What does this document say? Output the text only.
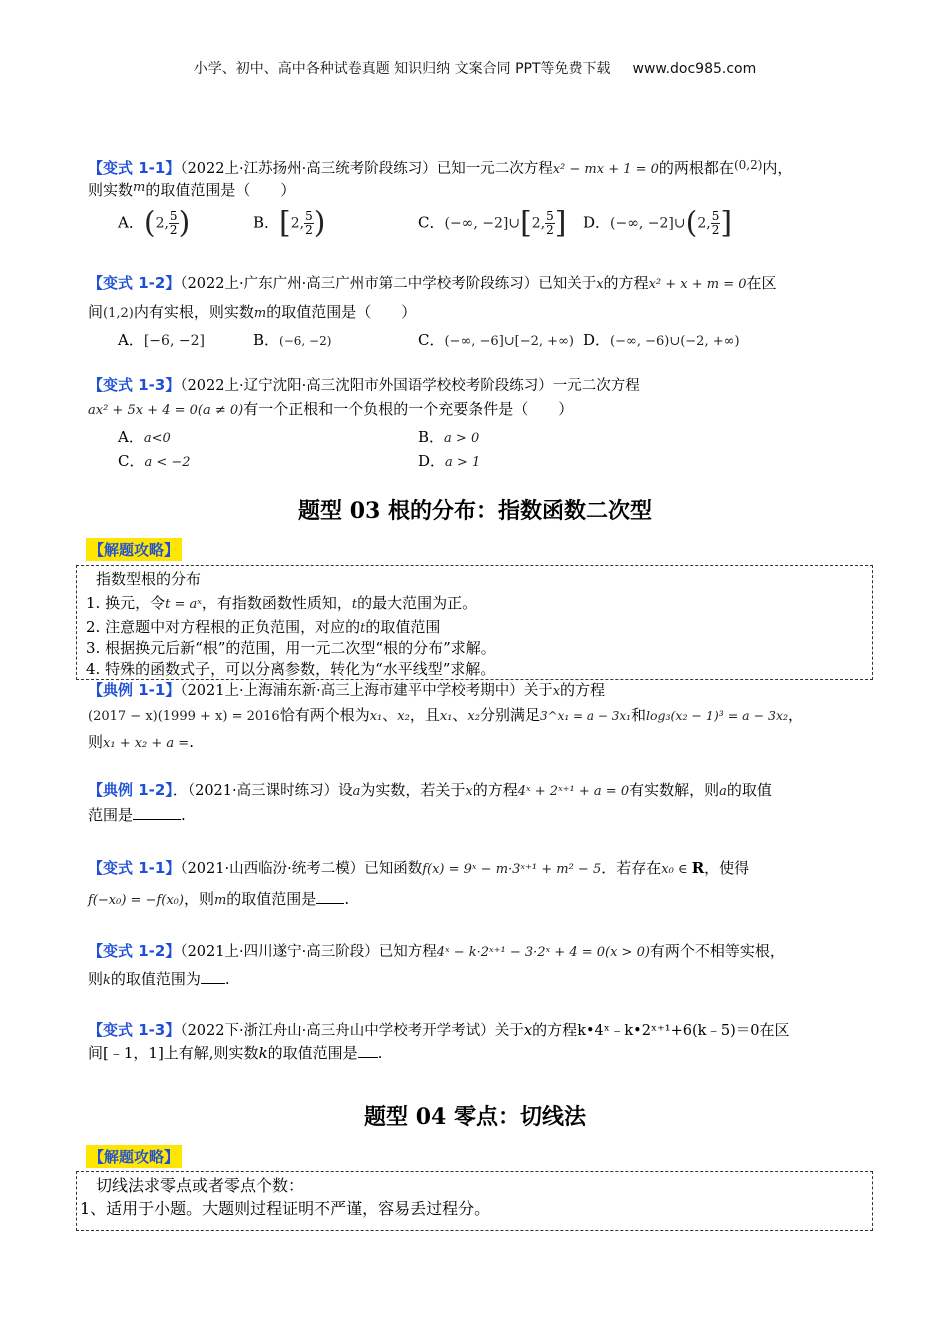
小学、初中、高中各种试卷真题 知识归纳 文案合同 PPT等免费下载 www.doc985.com
【变式 1-1】（2022上·江苏扬州·高三统考阶段练习）已知一元二次方程x² − mx + 1 = 0的两根都在$^{(0,2)}$内，
则实数m的取值范围是（　　）
A．(2, $\frac{5}{2}$ )	B．[2, $\frac{5}{2}$ )	C．(−∞, −2]∪[2, $\frac{5}{2}$ ] D．(−∞, −2]∪(2, $\frac{5}{2}$ ]
【变式 1-2】（2022上·广东广州·高三广州市第二中学校考阶段练习）已知关于x的方程x² + x + m = 0在区
间(1,2)内有实根，则实数m的取值范围是（　　）
A．[−6, −2]	B．(−6, −2)	C．(−∞, −6]∪[−2, +∞) D．(−∞, −6)∪(−2, +∞)
【变式 1-3】（2022上·辽宁沈阳·高三沈阳市外国语学校校考阶段练习）一元二次方程
ax² + 5x + 4 = 0(a ≠ 0)有一个正根和一个负根的一个充要条件是（　　）
A．a<0	B．a > 0
C．a < −2	D．a > 1
题型 03 根的分布：指数函数二次型
【解题攻略】
指数型根的分布
1. 换元，令t = aˣ，有指数函数性质知，t的最大范围为正。
2. 注意题中对方程根的正负范围，对应的t的取值范围
3. 根据换元后新“根”的范围，用一元二次型“根的分布”求解。
4. 特殊的函数式子，可以分离参数，转化为“水平线型”求解。
【典例 1-1】（2021上·上海浦东新·高三上海市建平中学校考期中）关于x的方程
(2017 − x)(1999 + x) = 2016恰有两个根为x₁、x₂，且x₁、x₂分别满足3^x₁ = a − 3x₁和log₃(x₂ − 1)³ = a − 3x₂，
则x₁ + x₂ + a =.
【典例 1-2】．（2021·高三课时练习）设a为实数，若关于x的方程4ˣ + 2ˣ⁺¹ + a = 0有实数解，则a的取值
范围是	.
【变式 1-1】（2021·山西临汾·统考二模）已知函数f(x) = 9ˣ − m·3ˣ⁺¹ + m² − 5．若存在x₀ ∈ R，使得
f(−x₀) = −f(x₀)，则m的取值范围是 .
【变式 1-2】（2021上·四川遂宁·高三阶段）已知方程4ˣ − k·2ˣ⁺¹ − 3·2ˣ + 4 = 0(x > 0)有两个不相等实根，
则k的取值范围为 .
【变式 1-3】（2022下·浙江舟山·高三舟山中学校考开学考试）关于x的方程k•4ˣ﹣k•2ˣ⁺¹+6(k﹣5)＝0在区
间[﹣1，1]上有解,则实数k的取值范围是 .
题型 04 零点：切线法
【解题攻略】
切线法求零点或者零点个数：
1、适用于小题。大题则过程证明不严谨，容易丢过程分。
